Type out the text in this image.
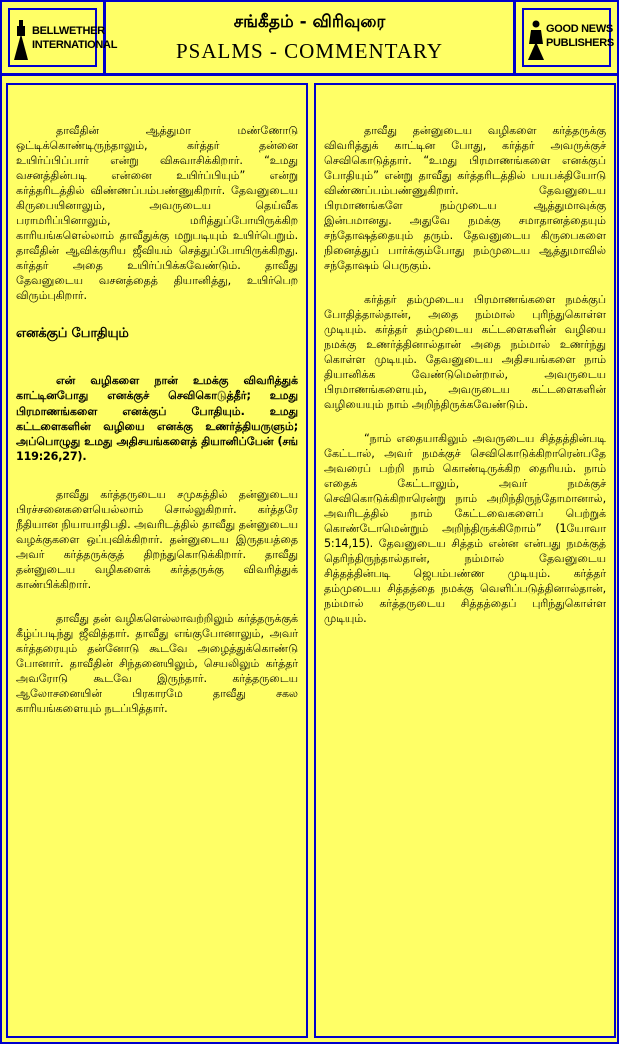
BELLWETHER
INTERNATIONAL
சங்கீதம் - விரிவுரை
PSALMS - COMMENTARY
GOOD NEWS
PUBLISHERS

தாவீதின் ஆத்துமா மண்ணோடு ஒட்டிக்கொண்டிருந்தாலும், கர்த்தர் தன்னை உயிர்ப்பிப்பார் என்று விசுவாசிக்கிறார். “உமது வசனத்தின்படி என்னை உயிர்ப்பியும்” என்று கர்த்தரிடத்தில் விண்ணப்பம்பண்ணுகிறார். தேவனுடைய கிருபையினாலும், அவருடைய தெய்வீக பராமரிப்பினாலும், மரித்துப்போயிருக்கிற காரியங்களெல்லாம் தாவீதுக்கு மறுபடியும் உயிர்பெறும். தாவீதின் ஆவிக்குரிய ஜீவியம் செத்துப்போயிருக்கிறது. கர்த்தர் அதை உயிர்ப்பிக்கவேண்டும். தாவீது தேவனுடைய வசனத்தைத் தியானித்து, உயிர்பெற விரும்புகிறார்.

எனக்குப் போதியும்

என் வழிகளை நான் உமக்கு விவரித்துக் காட்டினபோது எனக்குச் செவிகொடுத்தீர்; உமது பிரமாணங்களை எனக்குப் போதியும். உமது கட்டளைகளின் வழியை எனக்கு உணர்த்தியருளும்; அப்பொழுது உமது அதிசயங்களைத் தியானிப்பேன் (சங் 119:26,27).

தாவீது கர்த்தருடைய சமுகத்தில் தன்னுடைய பிரச்சனைகளையெல்லாம் சொல்லுகிறார். கர்த்தரே நீதியான நியாயாதிபதி. அவரிடத்தில் தாவீது தன்னுடைய வழக்குகளை ஒப்புவிக்கிறார். தன்னுடைய இருதயத்தை அவர் கர்த்தருக்குத் திறந்துகொடுக்கிறார். தாவீது தன்னுடைய வழிகளைக் கர்த்தருக்கு விவரித்துக் காண்பிக்கிறார்.

தாவீது தன் வழிகளெல்லாவற்றிலும் கர்த்தருக்குக் கீழ்ப்படிந்து ஜீவித்தார். தாவீது எங்குபோனாலும், அவர் கர்த்தரையும் தன்னோடு கூடவே அழைத்துக்கொண்டு போனார். தாவீதின் சிந்தனையிலும், செயலிலும் கர்த்தர் அவரோடு கூடவே இருந்தார். கர்த்தருடைய ஆலோசனையின் பிரகாரமே தாவீது சகல காரியங்களையும் நடப்பித்தார்.

தாவீது தன்னுடைய வழிகளை கர்த்தருக்கு விவரித்துக் காட்டின போது, கர்த்தர் அவருக்குச் செவிகொடுத்தார். “உமது பிரமாணங்களை எனக்குப் போதியும்” என்று தாவீது கர்த்தரிடத்தில் பயபக்தியோடு விண்ணப்பம்பண்ணுகிறார். தேவனுடைய பிரமாணங்களே நம்முடைய ஆத்துமாவுக்கு இன்பமானது. அதுவே நமக்கு சமாதானத்தையும் சந்தோஷத்தையும் தரும். தேவனுடைய கிருபைகளை நினைத்துப் பார்க்கும்போது நம்முடைய ஆத்துமாவில் சந்தோஷம் பெருகும்.

கர்த்தர் தம்முடைய பிரமாணங்களை நமக்குப் போதித்தால்தான், அதை நம்மால் புரிந்துகொள்ள முடியும். கர்த்தர் தம்முடைய கட்டளைகளின் வழியை நமக்கு உணர்த்தினால்தான் அதை நம்மால் உணர்ந்து கொள்ள முடியும். தேவனுடைய அதிசயங்களை நாம் தியானிக்க வேண்டுமென்றால், அவருடைய பிரமாணங்களையும், அவருடைய கட்டளைகளின் வழியையும் நாம் அறிந்திருக்கவேண்டும்.

“நாம் எதையாகிலும் அவருடைய சித்தத்தின்படி கேட்டால், அவர் நமக்குச் செவிகொடுக்கிறாரென்பதே அவரைப் பற்றி நாம் கொண்டிருக்கிற தைரியம். நாம் எதைக் கேட்டாலும், அவர் நமக்குச் செவிகொடுக்கிறாரென்று நாம் அறிந்திருந்தோமானால், அவரிடத்தில் நாம் கேட்டவைகளைப் பெற்றுக் கொண்டோமென்றும் அறிந்திருக்கிறோம்” (1யோவா 5:14,15). தேவனுடைய சித்தம் என்ன என்பது நமக்குத் தெரிந்திருந்தால்தான், நம்மால் தேவனுடைய சித்தத்தின்படி ஜெபம்பண்ண முடியும். கர்த்தர் தம்முடைய சித்தத்தை நமக்கு வெளிப்படுத்தினால்தான், நம்மால் கர்த்தருடைய சித்தத்தைப் புரிந்துகொள்ள முடியும்.
